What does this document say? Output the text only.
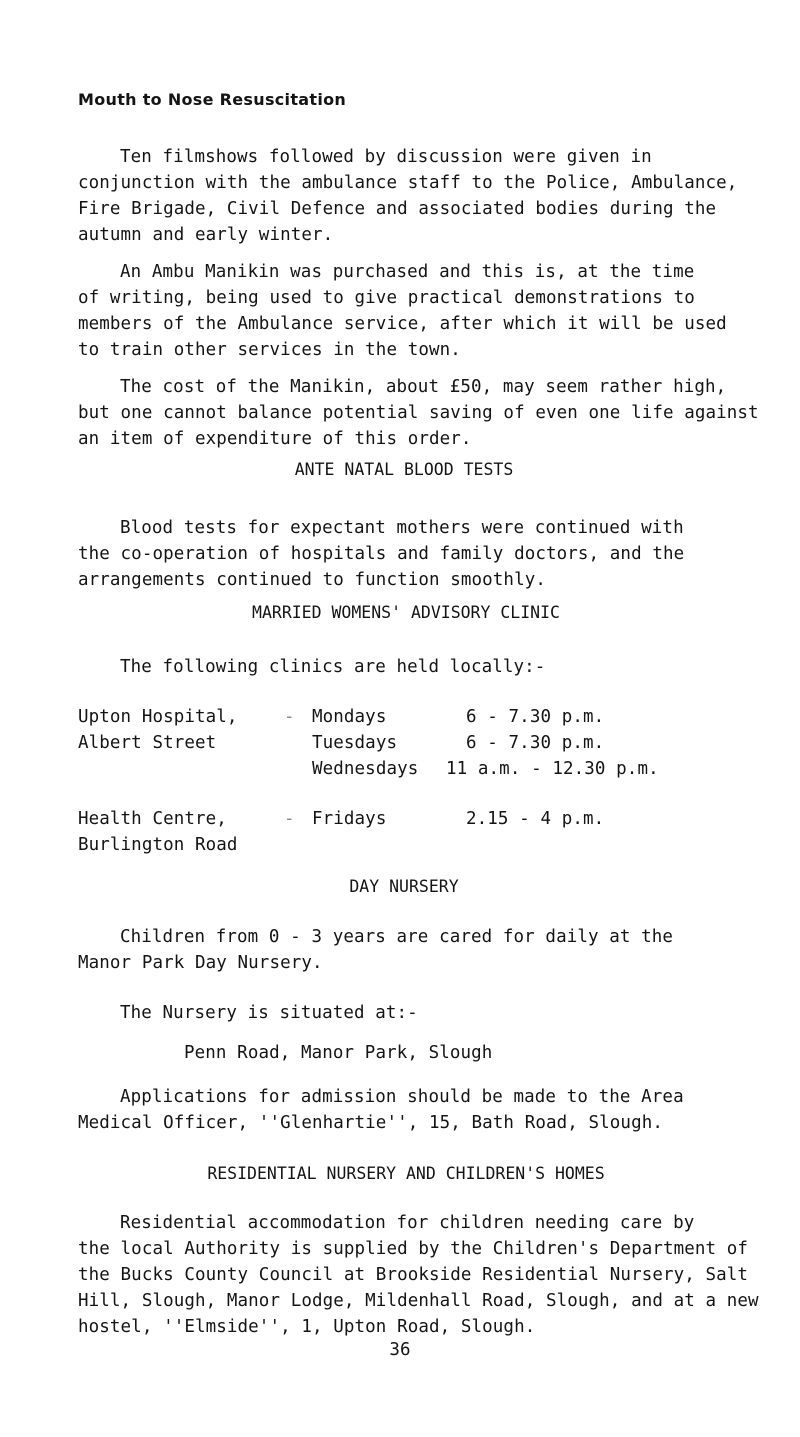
Mouth to Nose Resuscitation
Ten filmshows followed by discussion were given in
conjunction with the ambulance staff to the Police, Ambulance,
Fire Brigade, Civil Defence and associated bodies during the
autumn and early winter.
An Ambu Manikin was purchased and this is, at the time
of writing, being used to give practical demonstrations to
members of the Ambulance service, after which it will be used
to train other services in the town.
The cost of the Manikin, about £50, may seem rather high,
but one cannot balance potential saving of even one life against
an item of expenditure of this order.
ANTE NATAL BLOOD TESTS
Blood tests for expectant mothers were continued with
the co-operation of hospitals and family doctors, and the
arrangements continued to function smoothly.
MARRIED WOMENS' ADVISORY CLINIC
The following clinics are held locally:-
Upton Hospital,
Albert Street
- Mondays	6 - 7.30 p.m.
Tuesdays	6 - 7.30 p.m.
Wednesdays 11 a.m. - 12.30 p.m.
Health Centre,
Burlington Road
- Fridays	2.15 - 4 p.m.
DAY NURSERY
Children from 0 - 3 years are cared for daily at the
Manor Park Day Nursery.
The Nursery is situated at:-
Penn Road, Manor Park, Slough
Applications for admission should be made to the Area
Medical Officer, ''Glenhartie'', 15, Bath Road, Slough.
RESIDENTIAL NURSERY AND CHILDREN'S HOMES
Residential accommodation for children needing care by
the local Authority is supplied by the Children's Department of
the Bucks County Council at Brookside Residential Nursery, Salt
Hill, Slough, Manor Lodge, Mildenhall Road, Slough, and at a new
hostel, ''Elmside'', 1, Upton Road, Slough.
36
